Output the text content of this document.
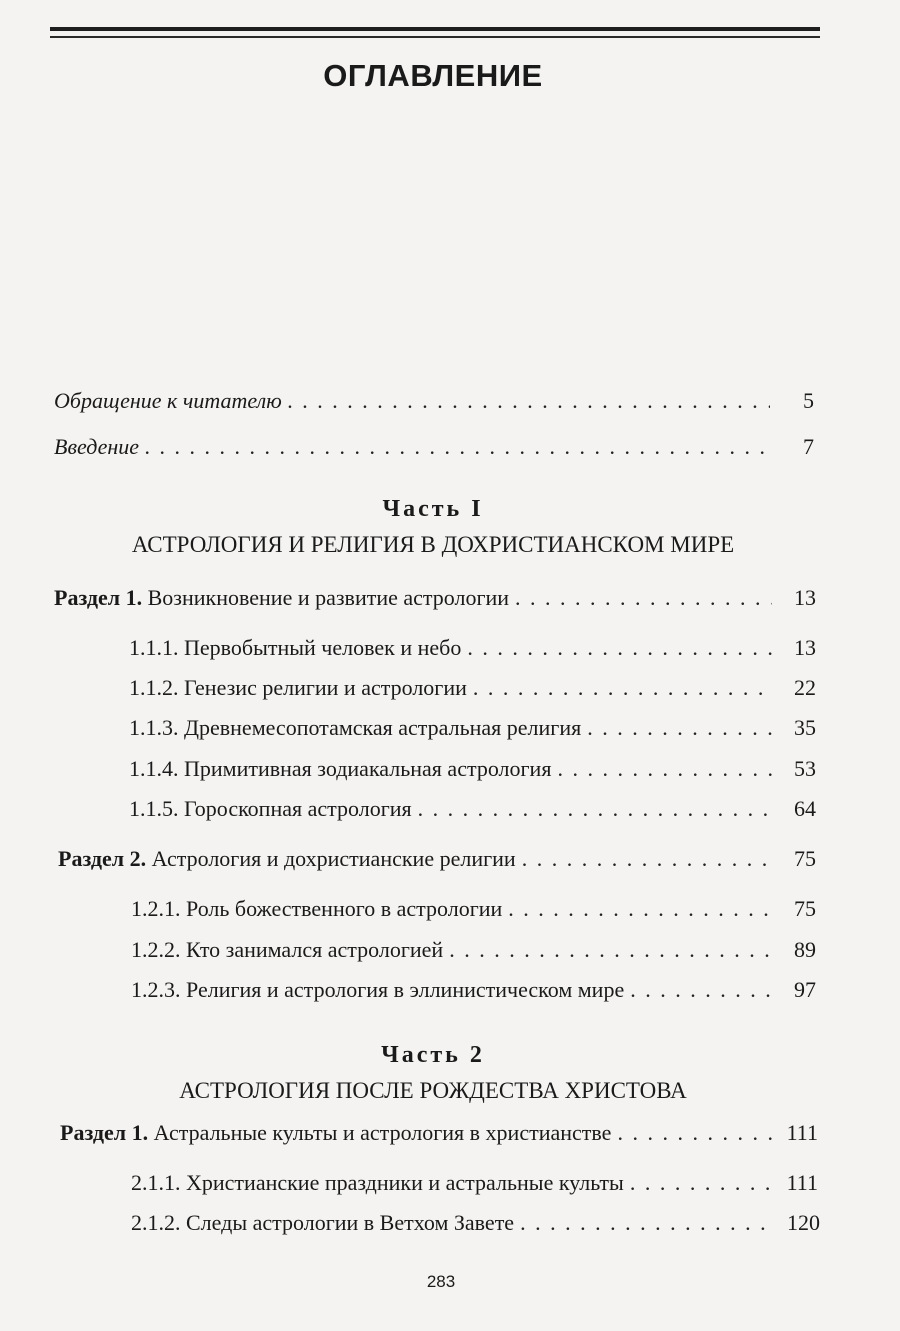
ОГЛАВЛЕНИЕ
Обращение к читателю . . .	5
Введение . . .	7
Часть I
АСТРОЛОГИЯ И РЕЛИГИЯ В ДОХРИСТИАНСКОМ МИРЕ
Раздел 1. Возникновение и развитие астрологии . . .	13
1.1.1. Первобытный человек и небо . . .	13
1.1.2. Генезис религии и астрологии . . .	22
1.1.3. Древнемесопотамская астральная религия . . .	35
1.1.4. Примитивная зодиакальная астрология . . .	53
1.1.5. Гороскопная астрология . . .	64
Раздел 2. Астрология и дохристианские религии . . .	75
1.2.1. Роль божественного в астрологии . . .	75
1.2.2. Кто занимался астрологией . . .	89
1.2.3. Религия и астрология в эллинистическом мире . . .	97
Часть 2
АСТРОЛОГИЯ ПОСЛЕ РОЖДЕСТВА ХРИСТОВА
Раздел 1. Астральные культы и астрология в христианстве . . .	111
2.1.1. Христианские праздники и астральные культы . . .	111
2.1.2. Следы астрологии в Ветхом Завете . . .	120
283
